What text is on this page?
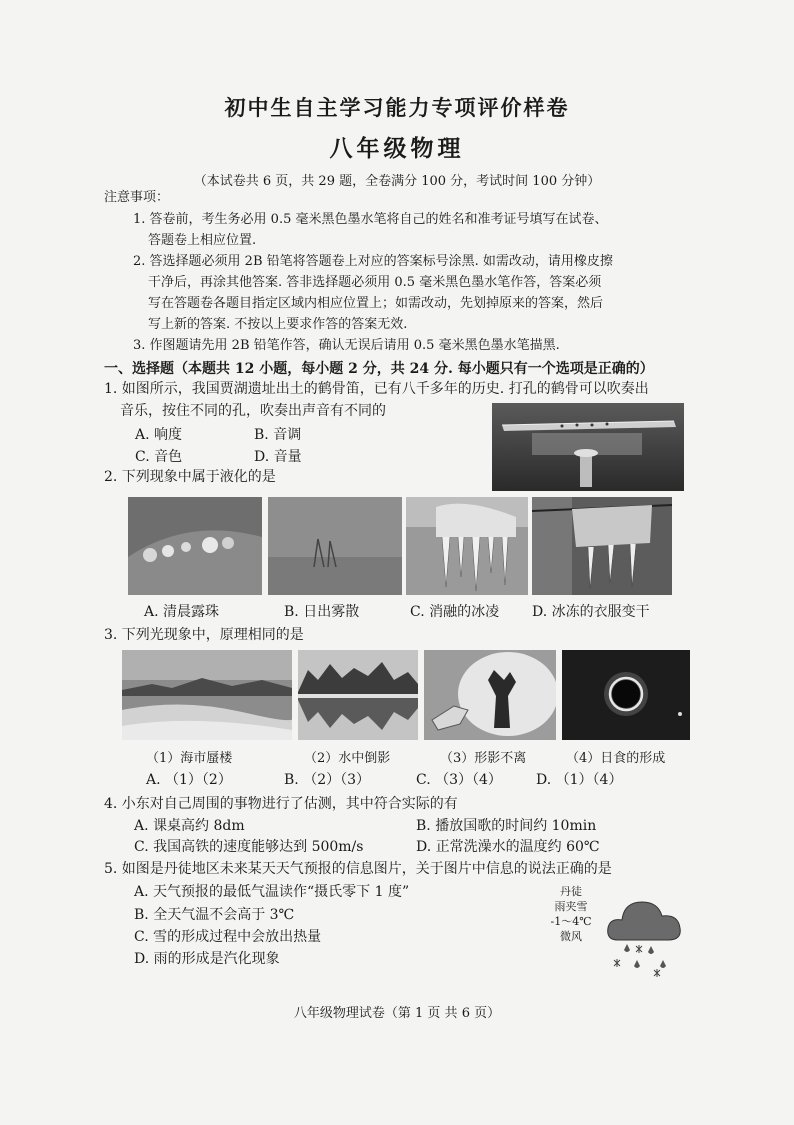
初中生自主学习能力专项评价样卷
八年级物理
（本试卷共 6 页，共 29 题，全卷满分 100 分，考试时间 100 分钟）
注意事项：
1. 答卷前，考生务必用 0.5 毫米黑色墨水笔将自己的姓名和准考证号填写在试卷、
答题卷上相应位置.
2. 答选择题必须用 2B 铅笔将答题卷上对应的答案标号涂黑. 如需改动，请用橡皮擦
干净后，再涂其他答案. 答非选择题必须用 0.5 毫米黑色墨水笔作答，答案必须
写在答题卷各题目指定区域内相应位置上；如需改动，先划掉原来的答案，然后
写上新的答案. 不按以上要求作答的答案无效.
3. 作图题请先用 2B 铅笔作答，确认无误后请用 0.5 毫米黑色墨水笔描黑.
一、选择题（本题共 12 小题，每小题 2 分，共 24 分. 每小题只有一个选项是正确的）
1. 如图所示，我国贾湖遗址出土的鹤骨笛，已有八千多年的历史. 打孔的鹤骨可以吹奏出
音乐，按住不同的孔，吹奏出声音有不同的
A. 响度	B. 音调
C. 音色	D. 音量
2. 下列现象中属于液化的是
A. 清晨露珠	B. 日出雾散	C. 消融的冰凌 D. 冰冻的衣服变干
3. 下列光现象中，原理相同的是
（1）海市蜃楼	（2）水中倒影	（3）形影不离	（4）日食的形成
A. （1）（2）	B. （2）（3）	C. （3）（4） D. （1）（4）
4. 小东对自己周围的事物进行了估测，其中符合实际的有
A. 课桌高约 8dm	B. 播放国歌的时间约 10min
C. 我国高铁的速度能够达到 500m/s	D. 正常洗澡水的温度约 60℃
5. 如图是丹徒地区未来某天天气预报的信息图片，关于图片中信息的说法正确的是
A. 天气预报的最低气温读作“摄氏零下 1 度”
B. 全天气温不会高于 3℃
C. 雪的形成过程中会放出热量
D. 雨的形成是汽化现象
丹徒
雨夹雪
-1～4℃
微风
八年级物理试卷（第 1 页 共 6 页）
